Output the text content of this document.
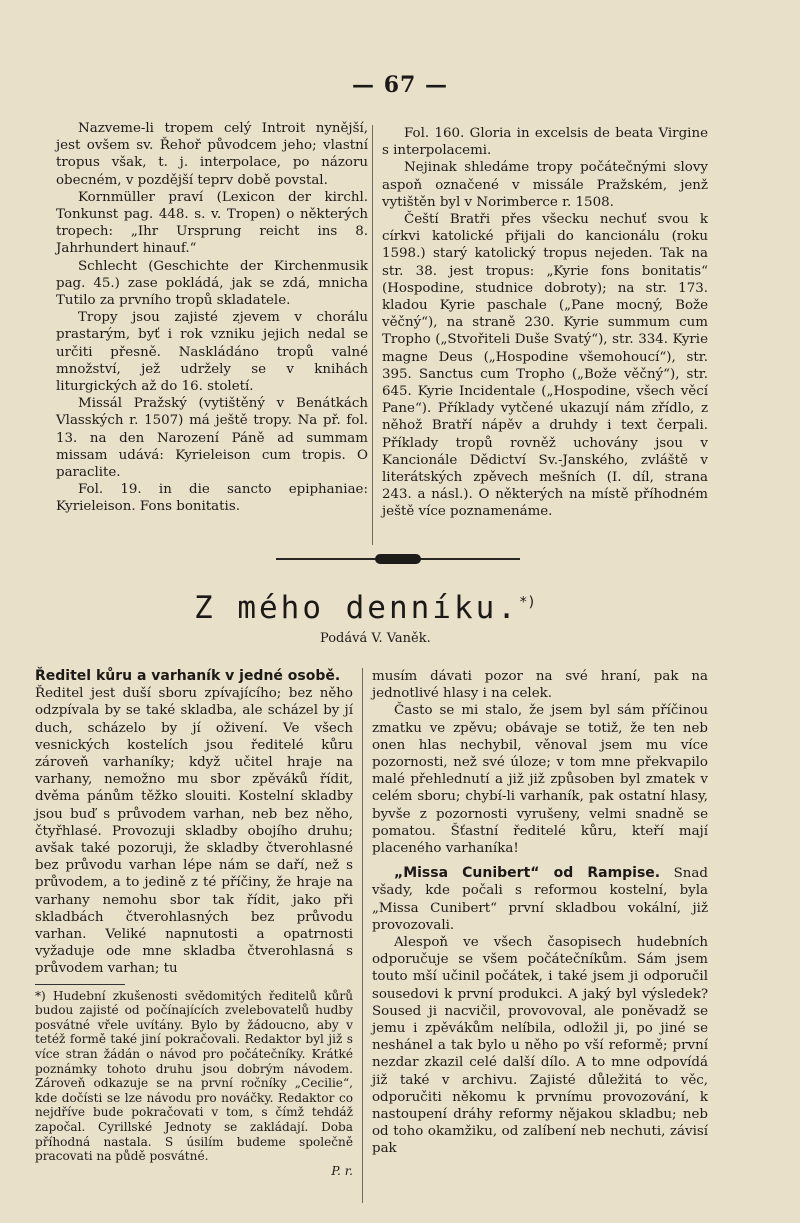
— 67 —

Nazveme-li tropem celý Introit nynější, jest ovšem sv. Řehoř původcem jeho; vlastní tropus však, t. j. interpolace, po názoru obecném, v pozdější teprv době povstal.

Kornmüller praví (Lexicon der kirchl. Tonkunst pag. 448. s. v. Tropen) o některých tropech: „Ihr Ursprung reicht ins 8. Jahrhundert hinauf.“

Schlecht (Geschichte der Kirchenmusik pag. 45.) zase pokládá, jak se zdá, mnicha Tutilo za prvního tropů skladatele.

Tropy jsou zajisté zjevem v chorálu prastarým, byť i rok vzniku jejich nedal se určiti přesně. Naskládáno tropů valné množství, jež udržely se v knihách liturgických až do 16. století.

Missál Pražský (vytištěný v Benátkách Vlasských r. 1507) má ještě tropy. Na př. fol. 13. na den Narození Páně ad summam missam udává: Kyrieleison cum tropis. O paraclite.

Fol. 19. in die sancto epiphaniae: Kyrieleison. Fons bonitatis.

Fol. 160. Gloria in excelsis de beata Virgine s interpolacemi.

Nejinak shledáme tropy počátečnými slovy aspoň označené v missále Pražském, jenž vytištěn byl v Norimberce r. 1508.

Čeští Bratři přes všecku nechuť svou k církvi katolické přijali do kancionálu (roku 1598.) starý katolický tropus nejeden. Tak na str. 38. jest tropus: „Kyrie fons bonitatis“ (Hospodine, studnice dobroty); na str. 173. kladou Kyrie paschale („Pane mocný, Bože věčný“), na straně 230. Kyrie summum cum Tropho („Stvořiteli Duše Svatý“), str. 334. Kyrie magne Deus („Hospodine všemohoucí“), str. 395. Sanctus cum Tropho („Bože věčný“), str. 645. Kyrie Incidentale („Hospodine, všech věcí Pane“). Příklady vytčené ukazují nám zřídlo, z něhož Bratří nápěv a druhdy i text čerpali. Příklady tropů rovněž uchovány jsou v Kancionále Dědictví Sv.-Janského, zvláště v literátských zpěvech mešních (I. díl, strana 243. a násl.). O některých na místě příhodném ještě více poznamenáme.

Z mého denníku.*)
Podává V. Vaněk.

Ředitel kůru a varhaník v jedné osobě.

Ředitel jest duší sboru zpívajícího; bez něho odzpívala by se také skladba, ale scházel by jí duch, scházelo by jí oživení. Ve všech vesnických kostelích jsou ředitelé kůru zároveň varhaníky; když učitel hraje na varhany, nemožno mu sbor zpěváků řídit, dvěma pánům těžko slouiti. Kostelní skladby jsou buď s průvodem varhan, neb bez něho, čtyřhlasé. Provozuji skladby obojího druhu; avšak také pozoruji, že skladby čtverohlasné bez průvodu varhan lépe nám se daří, než s průvodem, a to jedině z té příčiny, že hraje na varhany nemohu sbor tak řídit, jako při skladbách čtverohlasných bez průvodu varhan. Veliké napnutosti a opatrnosti vyžaduje ode mne skladba čtverohlasná s průvodem varhan; tu

*) Hudební zkušenosti svědomitých ředitelů kůrů budou zajisté od počínajících zvelebovatelů hudby posvátné vřele uvítány. Bylo by žádoucno, aby v tetéž formě také jiní pokračovali. Redaktor byl již s více stran žádán o návod pro počátečníky. Krátké poznámky tohoto druhu jsou dobrým návodem. Zároveň odkazuje se na první ročníky „Cecilie“, kde dočísti se lze návodu pro nováčky. Redaktor co nejdříve bude pokračovati v tom, s čímž tehdáž započal. Cyrillské Jednoty se zakládají. Doba příhodná nastala. S úsilím budeme společně pracovati na půdě posvátné.

P. r.

musím dávati pozor na své hraní, pak na jednotlivé hlasy i na celek.

Často se mi stalo, že jsem byl sám příčinou zmatku ve zpěvu; obávaje se totiž, že ten neb onen hlas nechybil, věnoval jsem mu více pozornosti, než své úloze; v tom mne překvapilo malé přehlednutí a již již způsoben byl zmatek v celém sboru; chybí-li varhaník, pak ostatní hlasy, byvše z pozornosti vyrušeny, velmi snadně se pomatou. Šťastní ředitelé kůru, kteří mají placeného varhaníka!

„Missa Cunibert“ od Rampise. Snad všady, kde počali s reformou kostelní, byla „Missa Cunibert“ první skladbou vokální, již provozovali.

Alespoň ve všech časopisech hudebních odporučuje se všem počátečníkům. Sám jsem touto mší učinil počátek, i také jsem ji odporučil sousedovi k první produkci. A jaký byl výsledek? Soused ji nacvičil, provovoval, ale poněvadž se jemu i zpěvákům nelíbila, odložil ji, po jiné se neshánel a tak bylo u něho po vší reformě; první nezdar zkazil celé další dílo. A to mne odpovídá již také v archivu. Zajisté důležitá to věc, odporučiti někomu k prvnímu provozování, k nastoupení dráhy reformy nějakou skladbu; neb od toho okamžiku, od zalíbení neb nechuti, závisí pak
